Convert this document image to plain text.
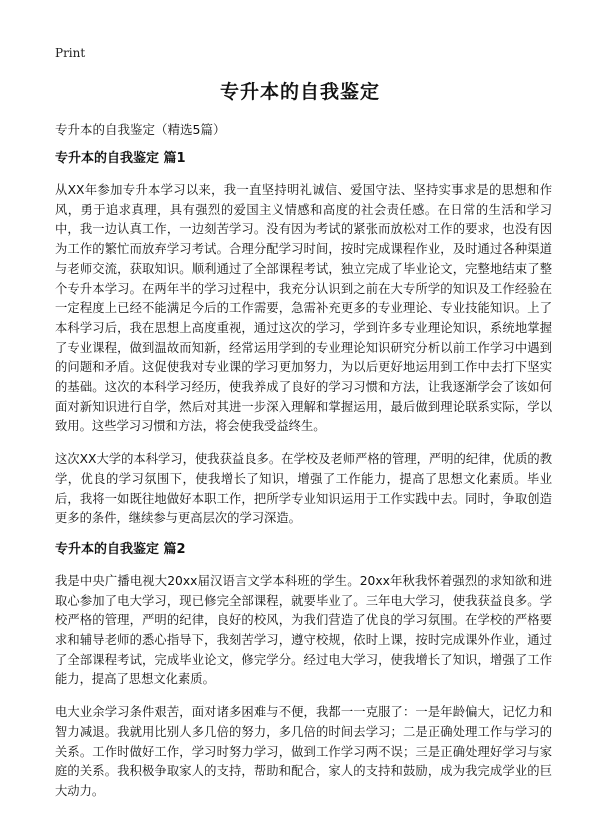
Print
专升本的自我鉴定
专升本的自我鉴定（精选5篇）
专升本的自我鉴定 篇1
从XX年参加专升本学习以来，我一直坚持明礼诚信、爱国守法、坚持实事求是的思想和作风，勇于追求真理，具有强烈的爱国主义情感和高度的社会责任感。在日常的生活和学习中，我一边认真工作，一边刻苦学习。没有因为考试的紧张而放松对工作的要求，也没有因为工作的繁忙而放弃学习考试。合理分配学习时间，按时完成课程作业，及时通过各种渠道与老师交流，获取知识。顺利通过了全部课程考试，独立完成了毕业论文，完整地结束了整个专升本学习。在两年半的学习过程中，我充分认识到之前在大专所学的知识及工作经验在一定程度上已经不能满足今后的工作需要，急需补充更多的专业理论、专业技能知识。上了本科学习后，我在思想上高度重视，通过这次的学习，学到许多专业理论知识，系统地掌握了专业课程，做到温故而知新，经常运用学到的专业理论知识研究分析以前工作学习中遇到的问题和矛盾。这促使我对专业课的学习更加努力，为以后更好地运用到工作中去打下坚实的基础。这次的本科学习经历，使我养成了良好的学习习惯和方法，让我逐渐学会了该如何面对新知识进行自学，然后对其进一步深入理解和掌握运用，最后做到理论联系实际，学以致用。这些学习习惯和方法，将会使我受益终生。
这次XX大学的本科学习，使我获益良多。在学校及老师严格的管理，严明的纪律，优质的教学，优良的学习氛围下，使我增长了知识，增强了工作能力，提高了思想文化素质。毕业后，我将一如既往地做好本职工作，把所学专业知识运用于工作实践中去。同时，争取创造更多的条件，继续参与更高层次的学习深造。
专升本的自我鉴定 篇2
我是中央广播电视大20xx届汉语言文学本科班的学生。20xx年秋我怀着强烈的求知欲和进取心参加了电大学习，现已修完全部课程，就要毕业了。三年电大学习，使我获益良多。学校严格的管理，严明的纪律，良好的校风，为我们营造了优良的学习氛围。在学校的严格要求和辅导老师的悉心指导下，我刻苦学习，遵守校规，依时上课，按时完成课外作业，通过了全部课程考试，完成毕业论文，修完学分。经过电大学习，使我增长了知识，增强了工作能力，提高了思想文化素质。
电大业余学习条件艰苦，面对诸多困难与不便，我都一一克服了：一是年龄偏大，记忆力和智力减退。我就用比别人多几倍的努力，多几倍的时间去学习；二是正确处理工作与学习的关系。工作时做好工作，学习时努力学习，做到工作学习两不误；三是正确处理好学习与家庭的关系。我积极争取家人的支持，帮助和配合，家人的支持和鼓励，成为我完成学业的巨大动力。
